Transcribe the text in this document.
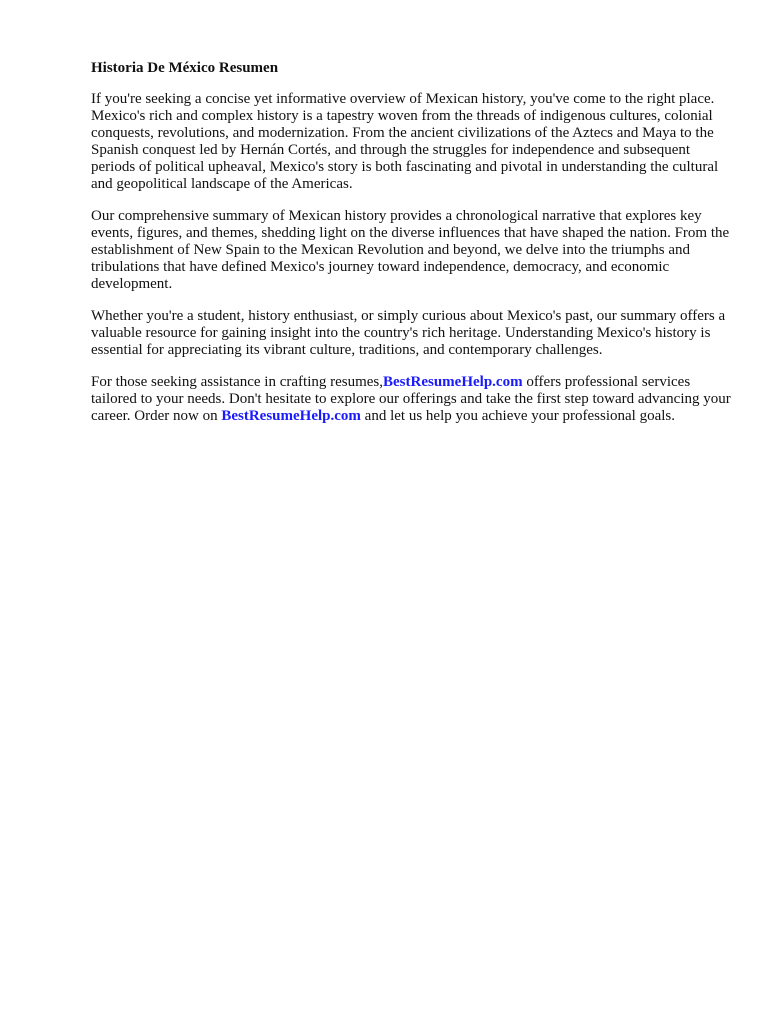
Historia De México Resumen

If you're seeking a concise yet informative overview of Mexican history, you've come to the right place. Mexico's rich and complex history is a tapestry woven from the threads of indigenous cultures, colonial conquests, revolutions, and modernization. From the ancient civilizations of the Aztecs and Maya to the Spanish conquest led by Hernán Cortés, and through the struggles for independence and subsequent periods of political upheaval, Mexico's story is both fascinating and pivotal in understanding the cultural and geopolitical landscape of the Americas.

Our comprehensive summary of Mexican history provides a chronological narrative that explores key events, figures, and themes, shedding light on the diverse influences that have shaped the nation. From the establishment of New Spain to the Mexican Revolution and beyond, we delve into the triumphs and tribulations that have defined Mexico's journey toward independence, democracy, and economic development.

Whether you're a student, history enthusiast, or simply curious about Mexico's past, our summary offers a valuable resource for gaining insight into the country's rich heritage. Understanding Mexico's history is essential for appreciating its vibrant culture, traditions, and contemporary challenges.

For those seeking assistance in crafting resumes,BestResumeHelp.com offers professional services tailored to your needs. Don't hesitate to explore our offerings and take the first step toward advancing your career. Order now on BestResumeHelp.com and let us help you achieve your professional goals.
